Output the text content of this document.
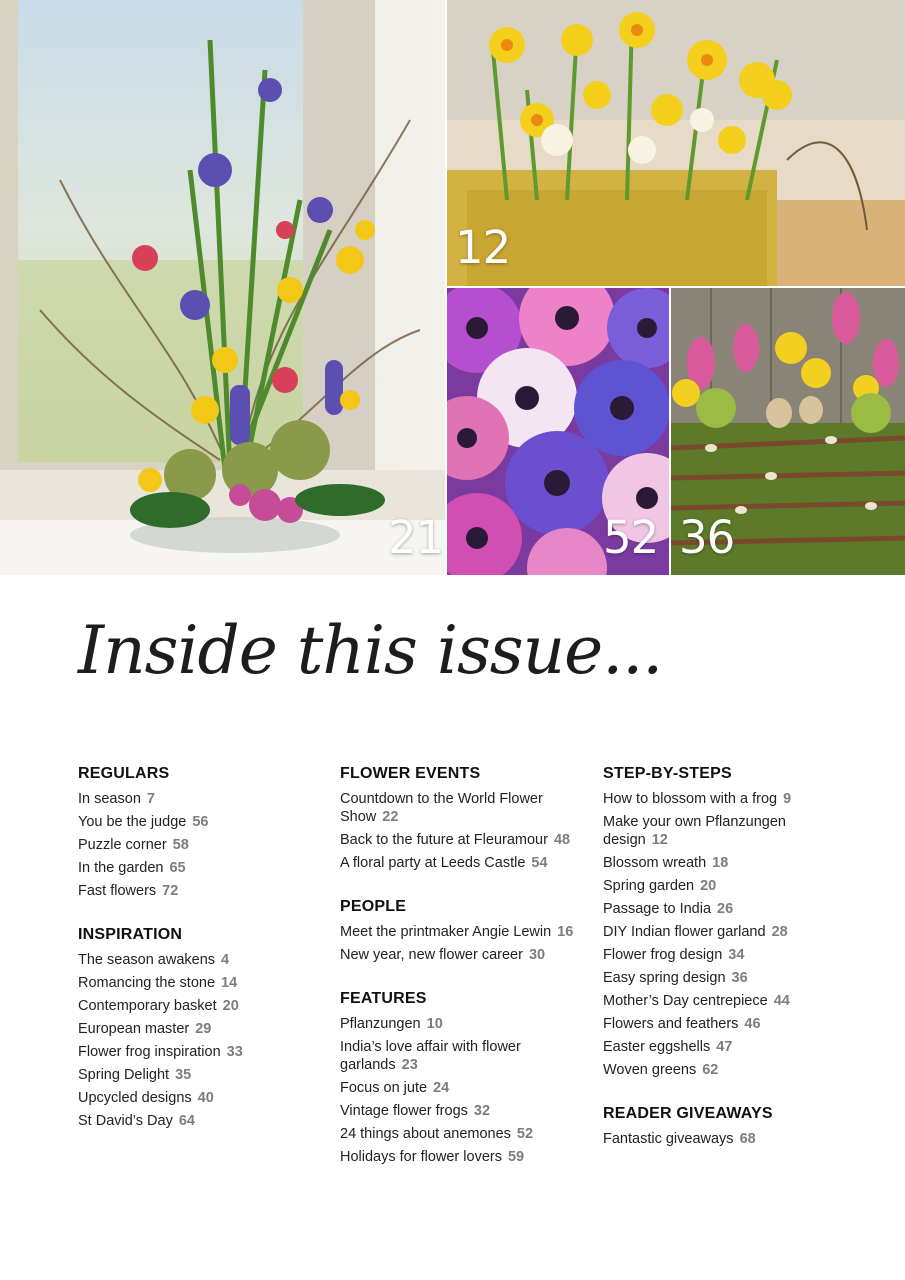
21
12
52 36
Inside this issue...
REGULARS
In season 7
You be the judge 56
Puzzle corner 58
In the garden 65
Fast flowers 72
INSPIRATION
The season awakens 4
Romancing the stone 14
Contemporary basket 20
European master 29
Flower frog inspiration 33
Spring Delight 35
Upcycled designs 40
St David’s Day 64
FLOWER EVENTS
Countdown to the World Flower Show 22
Back to the future at Fleuramour 48
A floral party at Leeds Castle 54
PEOPLE
Meet the printmaker Angie Lewin 16
New year, new flower career 30
FEATURES
Pflanzungen 10
India’s love affair with flower garlands 23
Focus on jute 24
Vintage flower frogs 32
24 things about anemones 52
Holidays for flower lovers 59
STEP-BY-STEPS
How to blossom with a frog 9
Make your own Pflanzungen design 12
Blossom wreath 18
Spring garden 20
Passage to India 26
DIY Indian flower garland 28
Flower frog design 34
Easy spring design 36
Mother’s Day centrepiece 44
Flowers and feathers 46
Easter eggshells 47
Woven greens 62
READER GIVEAWAYS
Fantastic giveaways 68
